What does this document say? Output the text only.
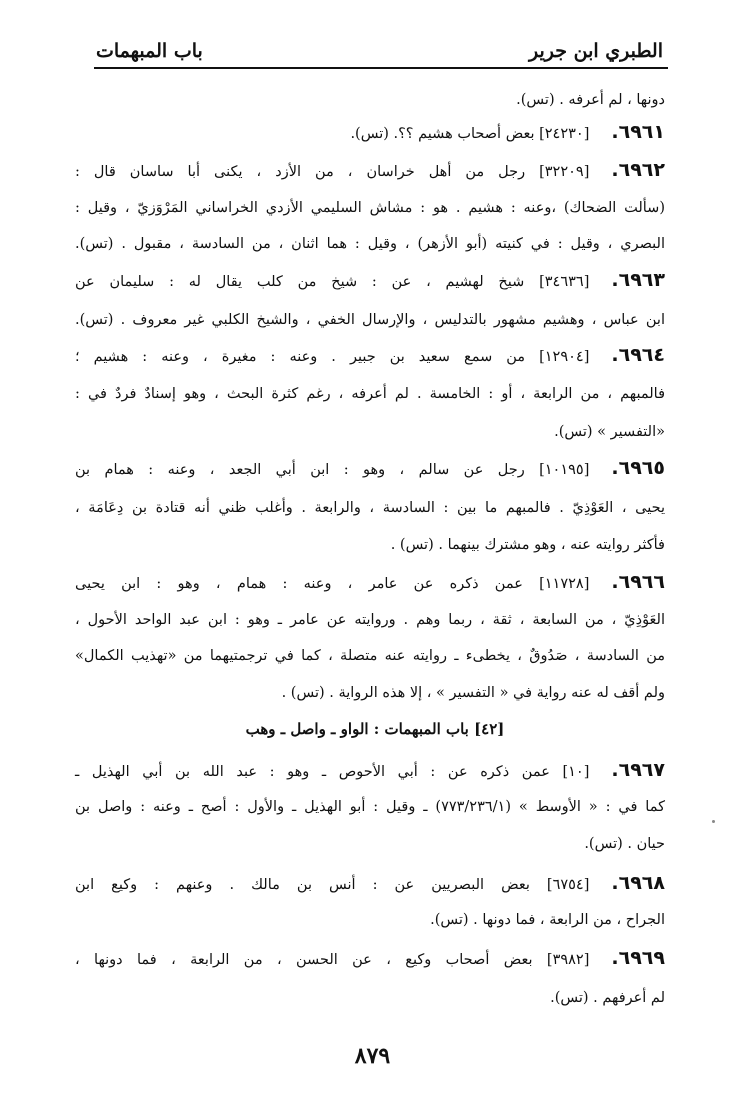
الطبري ابن جرير
باب المبهمات
دونها ، لم أعرفه . (تس).
٦٩٦١.[٢٤٢٣٠] بعض أصحاب هشيم ؟؟. (تس).
٦٩٦٢.[٣٢٢٠٩] رجل من أهل خراسان ، من الأزد ، يكنى أبا ساسان قال :
(سألت الضحاك) ،وعنه : هشيم . هو : مشاش السليمي الأزدي الخراساني المَرْوَزيّ ، وقيل :
البصري ، وقيل : في كنيته (أبو الأزهر) ، وقيل : هما اثنان ، من السادسة ، مقبول . (تس).
٦٩٦٣.[٣٤٦٣٦] شيخ لهشيم ، عن : شيخ من كلب يقال له : سليمان عن
ابن عباس ، وهشيم مشهور بالتدليس ، والإرسال الخفي ، والشيخ الكلبي غير معروف . (تس).
٦٩٦٤.[١٢٩٠٤] من سمع سعيد بن جبير . وعنه : مغيرة ، وعنه : هشيم ؛
فالمبهم ، من الرابعة ، أو : الخامسة . لم أعرفه ، رغم كثرة البحث ، وهو إسنادٌ فردٌ في :
«التفسير » (تس).
٦٩٦٥.[١٠١٩٥] رجل عن سالم ، وهو : ابن أبي الجعد ، وعنه : همام بن
يحيى ، العَوْذِيّ . فالمبهم ما بين : السادسة ، والرابعة . وأغلب ظني أنه قتادة بن دِعَامَة ،
فأكثر روايته عنه ، وهو مشترك بينهما . (تس) .
٦٩٦٦.[١١٧٢٨] عمن ذكره عن عامر ، وعنه : همام ، وهو : ابن يحيى
العَوْذِيّ ، من السابعة ، ثقة ، ربما وهم . وروايته عن عامر ـ وهو : ابن عبد الواحد الأحول ،
من السادسة ، صَدُوقٌ ، يخطىء ـ روايته عنه متصلة ، كما في ترجمتيهما من «تهذيب الكمال»
ولم أقف له عنه رواية في « التفسير » ، إلا هذه الرواية . (تس) .
[٤٢] باب المبهمات : الواو ـ واصل ـ وهب
٦٩٦٧.[١٠] عمن ذكره عن : أبي الأحوص ـ وهو : عبد الله بن أبي الهذيل ـ
كما في : « الأوسط » (٧٧٣/٢٣٦/١) ـ وقيل : أبو الهذيل ـ والأول : أصح ـ وعنه : واصل بن
حيان . (تس).
٦٩٦٨.[٦٧٥٤] بعض البصريين عن : أنس بن مالك . وعنهم : وكيع ابن
الجراح ، من الرابعة ، فما دونها . (تس).
٦٩٦٩.[٣٩٨٢] بعض أصحاب وكيع ، عن الحسن ، من الرابعة ، فما دونها ،
لم أعرفهم . (تس).
٨٧٩
